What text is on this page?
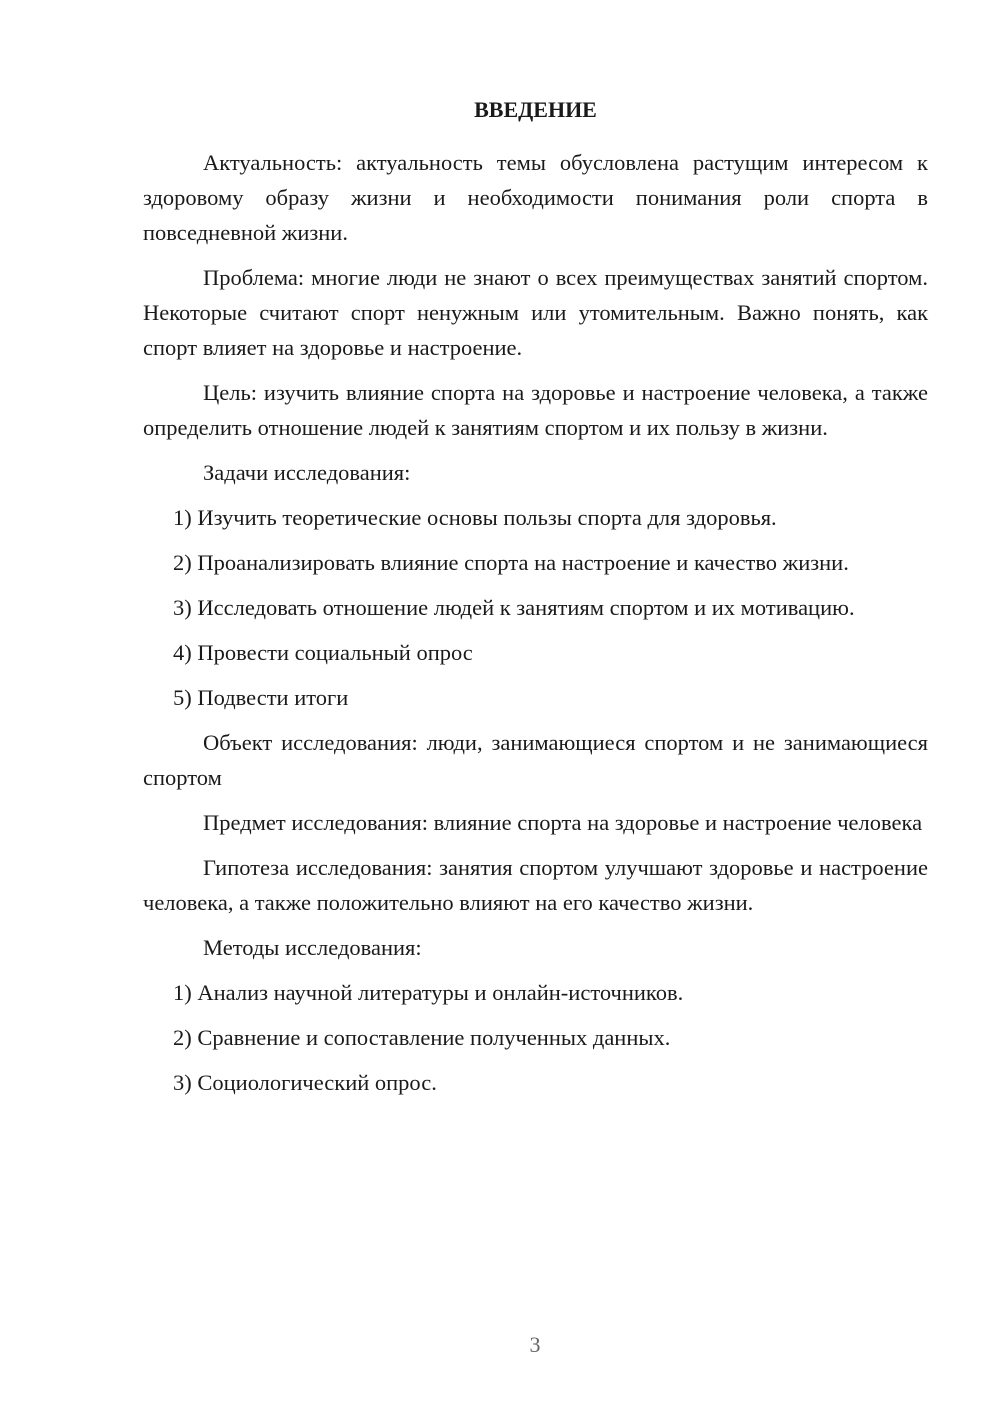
ВВЕДЕНИЕ

Актуальность: актуальность темы обусловлена растущим интересом к здоровому образу жизни и необходимости понимания роли спорта в повседневной жизни.

Проблема: многие люди не знают о всех преимуществах занятий спортом. Некоторые считают спорт ненужным или утомительным. Важно понять, как спорт влияет на здоровье и настроение.

Цель: изучить влияние спорта на здоровье и настроение человека, а также определить отношение людей к занятиям спортом и их пользу в жизни.

Задачи исследования:

1) Изучить теоретические основы пользы спорта для здоровья.

2) Проанализировать влияние спорта на настроение и качество жизни.

3) Исследовать отношение людей к занятиям спортом и их мотивацию.

4) Провести социальный опрос

5) Подвести итоги

Объект исследования: люди, занимающиеся спортом и не занимающиеся спортом

Предмет исследования: влияние спорта на здоровье и настроение человека

Гипотеза исследования: занятия спортом улучшают здоровье и настроение человека, а также положительно влияют на его качество жизни.

Методы исследования:

1) Анализ научной литературы и онлайн-источников.

2) Сравнение и сопоставление полученных данных.

3) Социологический опрос.

3
